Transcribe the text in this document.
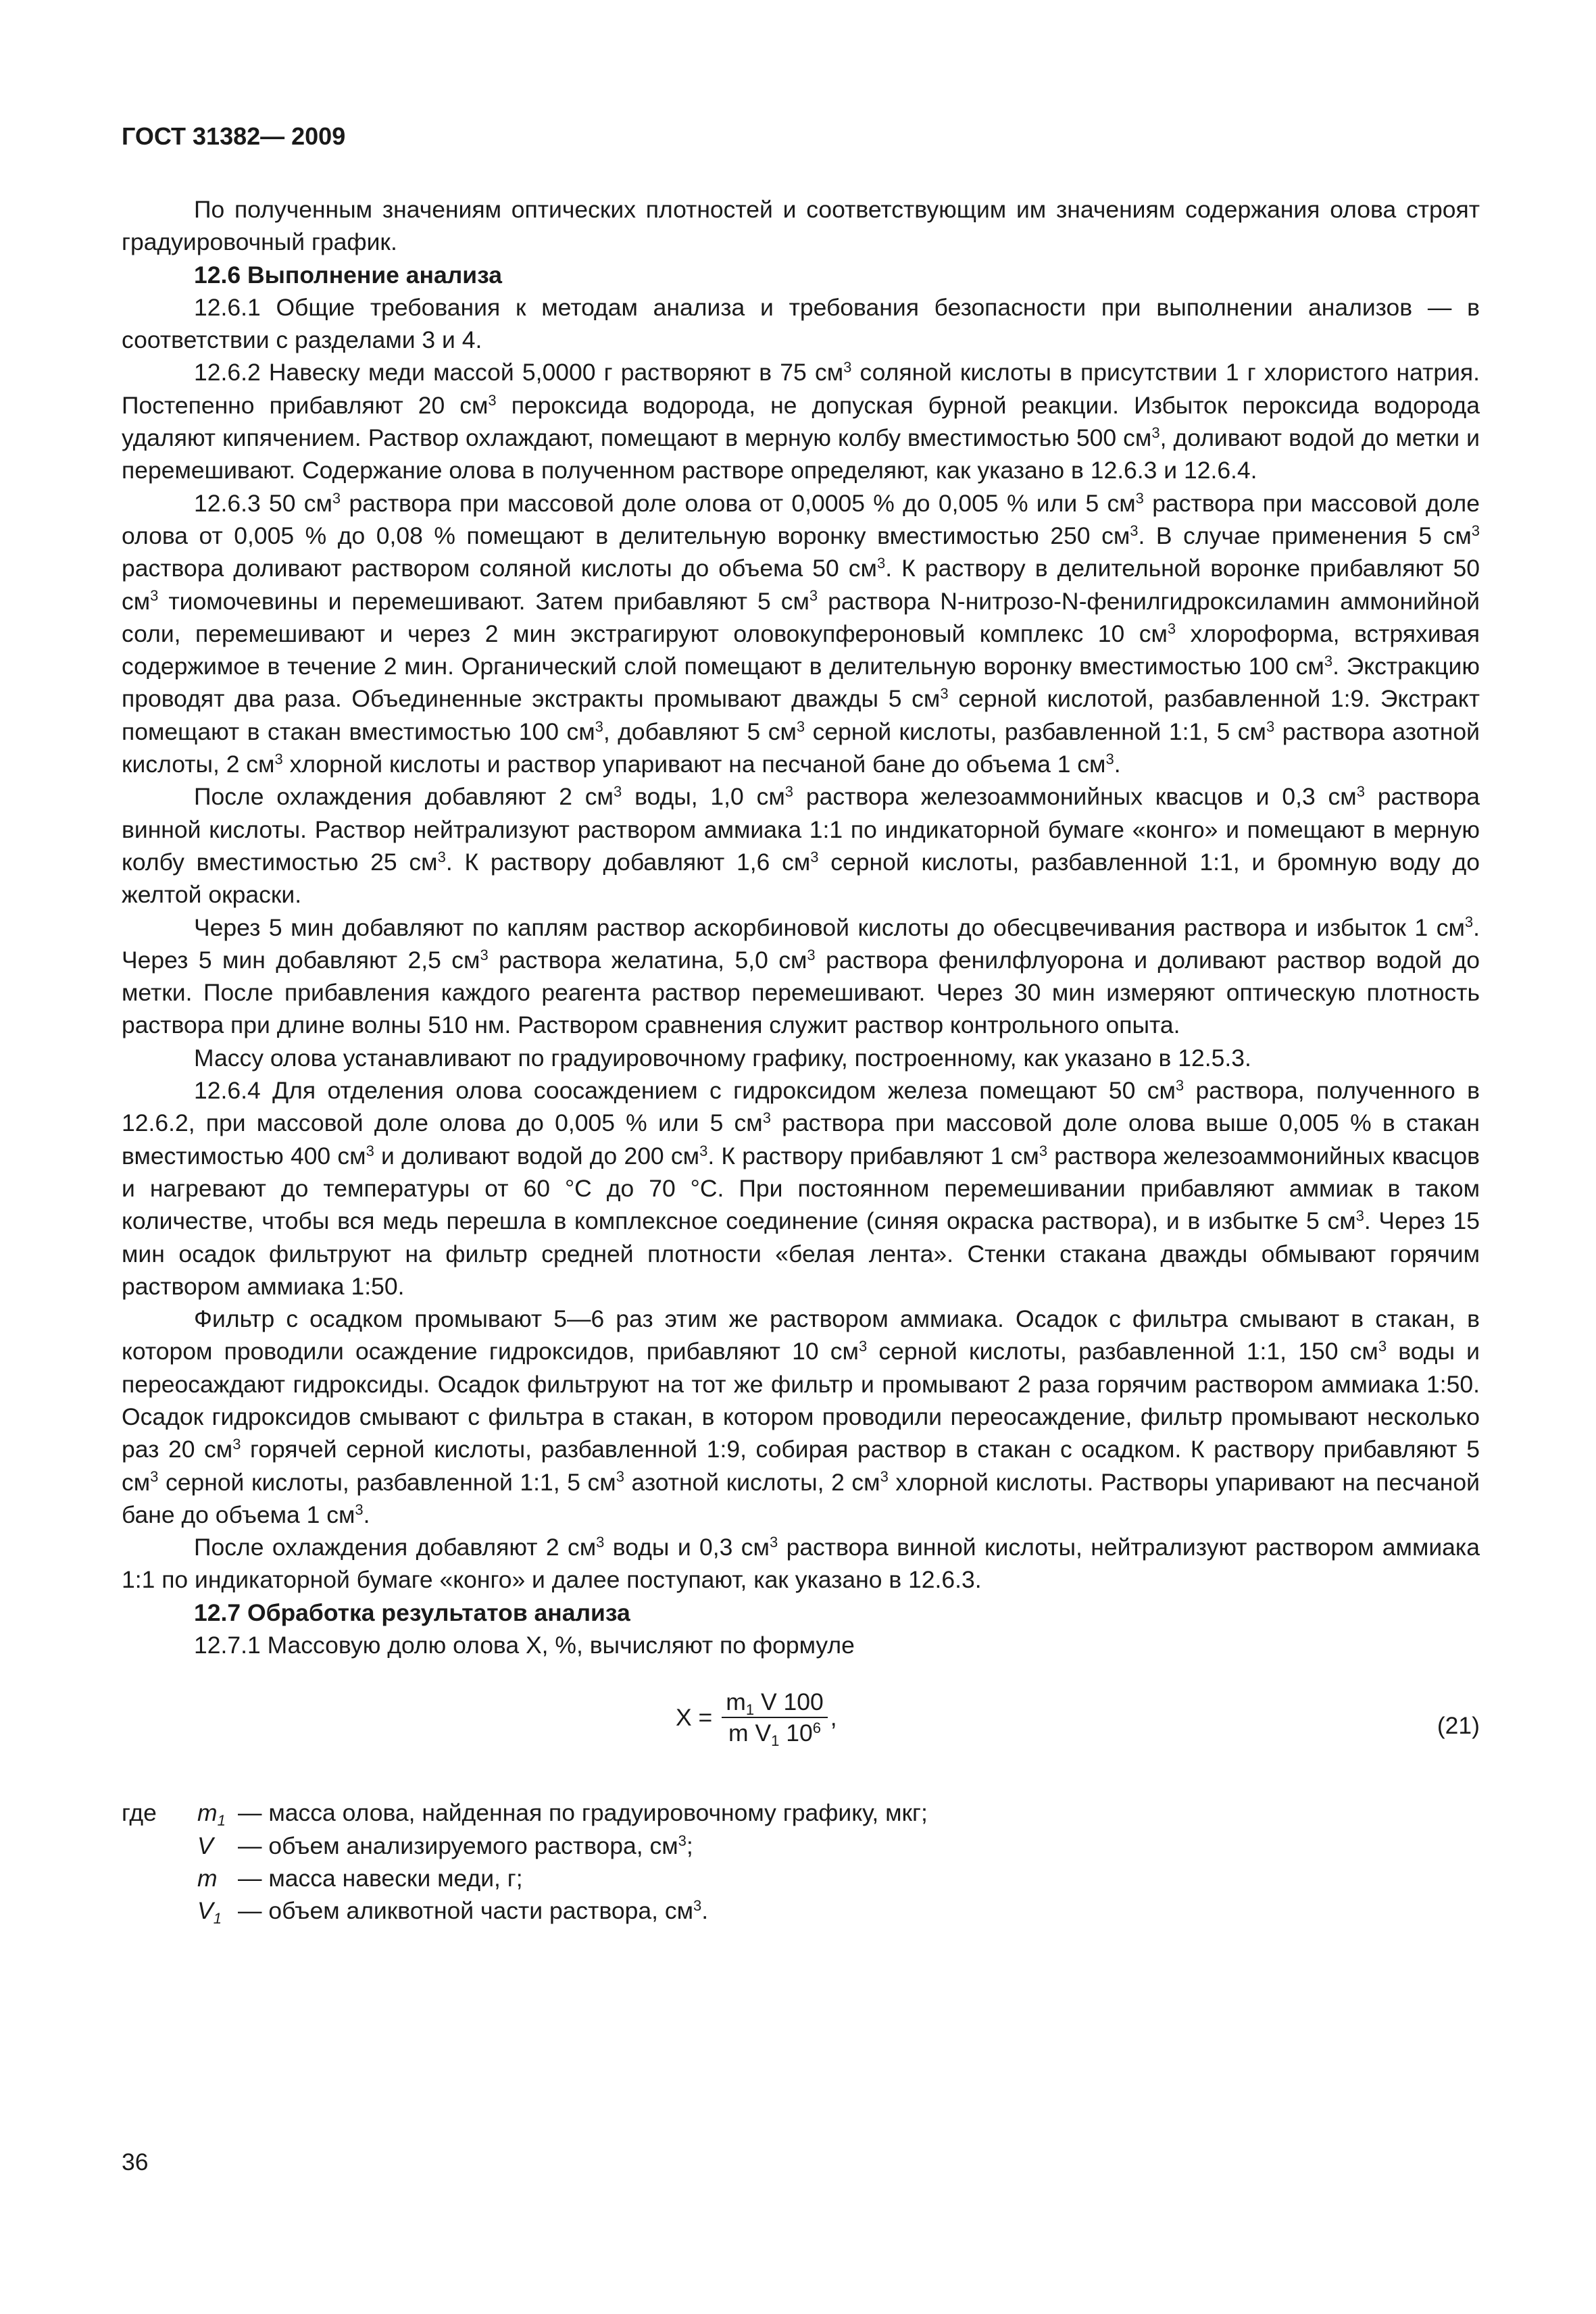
ГОСТ 31382— 2009

По полученным значениям оптических плотностей и соответствующим им значениям содержания олова строят градуировочный график.

12.6 Выполнение анализа

12.6.1 Общие требования к методам анализа и требования безопасности при выполнении анализов — в соответствии с разделами 3 и 4.

12.6.2 Навеску меди массой 5,0000 г растворяют в 75 $см^3$ соляной кислоты в присутствии 1 г хлористого натрия. Постепенно прибавляют 20 $см^3$ пероксида водорода, не допуская бурной реакции. Избыток пероксида водорода удаляют кипячением. Раствор охлаждают, помещают в мерную колбу вместимостью 500 $см^3$, доливают водой до метки и перемешивают. Содержание олова в полученном растворе определяют, как указано в 12.6.3 и 12.6.4.

12.6.3 50 $см^3$ раствора при массовой доле олова от 0,0005 % до 0,005 % или 5 $см^3$ раствора при массовой доле олова от 0,005 % до 0,08 % помещают в делительную воронку вместимостью 250 $см^3$. В случае применения 5 $см^3$ раствора доливают раствором соляной кислоты до объема 50 $см^3$. К раствору в делительной воронке прибавляют 50 $см^3$ тиомочевины и перемешивают. Затем прибавляют 5 $см^3$ раствора N-нитрозо-N-фенилгидроксиламин аммонийной соли, перемешивают и через 2 мин экстрагируют оловокупфероновый комплекс 10 $см^3$ хлороформа, встряхивая содержимое в течение 2 мин. Органический слой помещают в делительную воронку вместимостью 100 $см^3$. Экстракцию проводят два раза. Объединенные экстракты промывают дважды 5 $см^3$ серной кислотой, разбавленной 1:9. Экстракт помещают в стакан вместимостью 100 $см^3$, добавляют 5 $см^3$ серной кислоты, разбавленной 1:1, 5 $см^3$ раствора азотной кислоты, 2 $см^3$ хлорной кислоты и раствор упаривают на песчаной бане до объема 1 $см^3$.

После охлаждения добавляют 2 $см^3$ воды, 1,0 $см^3$ раствора железоаммонийных квасцов и 0,3 $см^3$ раствора винной кислоты. Раствор нейтрализуют раствором аммиака 1:1 по индикаторной бумаге «конго» и помещают в мерную колбу вместимостью 25 $см^3$. К раствору добавляют 1,6 $см^3$ серной кислоты, разбавленной 1:1, и бромную воду до желтой окраски.

Через 5 мин добавляют по каплям раствор аскорбиновой кислоты до обесцвечивания раствора и избыток 1 $см^3$. Через 5 мин добавляют 2,5 $см^3$ раствора желатина, 5,0 $см^3$ раствора фенилфлуорона и доливают раствор водой до метки. После прибавления каждого реагента раствор перемешивают. Через 30 мин измеряют оптическую плотность раствора при длине волны 510 нм. Раствором сравнения служит раствор контрольного опыта.

Массу олова устанавливают по градуировочному графику, построенному, как указано в 12.5.3.

12.6.4 Для отделения олова соосаждением с гидроксидом железа помещают 50 $см^3$ раствора, полученного в 12.6.2, при массовой доле олова до 0,005 % или 5 $см^3$ раствора при массовой доле олова выше 0,005 % в стакан вместимостью 400 $см^3$ и доливают водой до 200 $см^3$. К раствору прибавляют 1 $см^3$ раствора железоаммонийных квасцов и нагревают до температуры от 60 °С до 70 °С. При постоянном перемешивании прибавляют аммиак в таком количестве, чтобы вся медь перешла в комплексное соединение (синяя окраска раствора), и в избытке 5 $см^3$. Через 15 мин осадок фильтруют на фильтр средней плотности «белая лента». Стенки стакана дважды обмывают горячим раствором аммиака 1:50.

Фильтр с осадком промывают 5—6 раз этим же раствором аммиака. Осадок с фильтра смывают в стакан, в котором проводили осаждение гидроксидов, прибавляют 10 $см^3$ серной кислоты, разбавленной 1:1, 150 $см^3$ воды и переосаждают гидроксиды. Осадок фильтруют на тот же фильтр и промывают 2 раза горячим раствором аммиака 1:50. Осадок гидроксидов смывают с фильтра в стакан, в котором проводили переосаждение, фильтр промывают несколько раз 20 $см^3$ горячей серной кислоты, разбавленной 1:9, собирая раствор в стакан с осадком. К раствору прибавляют 5 $см^3$ серной кислоты, разбавленной 1:1, 5 $см^3$ азотной кислоты, 2 $см^3$ хлорной кислоты. Растворы упаривают на песчаной бане до объема 1 $см^3$.

После охлаждения добавляют 2 $см^3$ воды и 0,3 $см^3$ раствора винной кислоты, нейтрализуют раствором аммиака 1:1 по индикаторной бумаге «конго» и далее поступают, как указано в 12.6.3.

12.7 Обработка результатов анализа

12.7.1 Массовую долю олова X, %, вычисляют по формуле

$X = \frac{m_1 V 100}{m V_1 10^6}$ ,	(21)
где	$m_1$ — масса олова, найденная по градуировочному графику, мкг;
V	— объем анализируемого раствора, $см^3$;
m — масса навески меди, г;
$V_1$ — объем аликвотной части раствора, $см^3$.
36
